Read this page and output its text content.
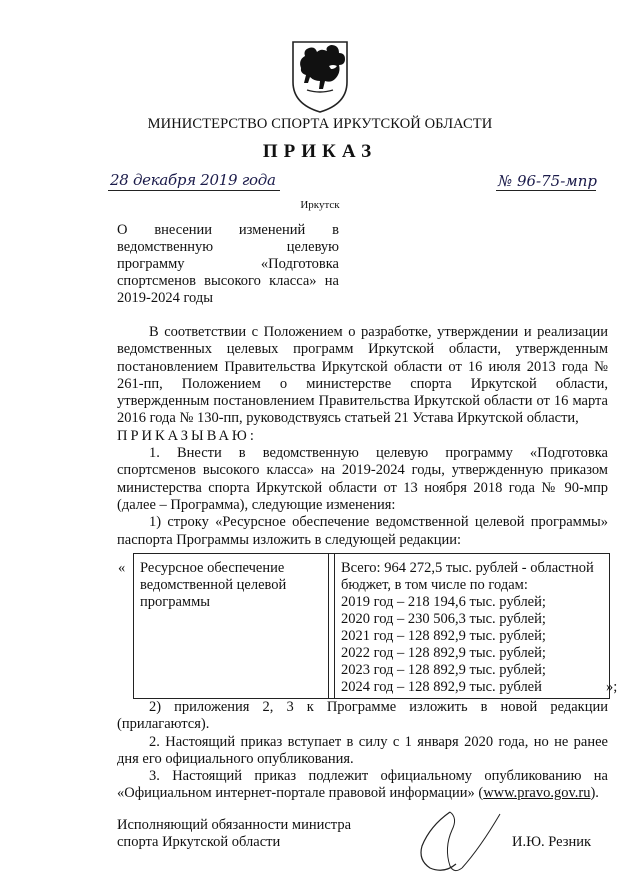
МИНИСТЕРСТВО СПОРТА ИРКУТСКОЙ ОБЛАСТИ
ПРИКАЗ
28 декабря 2019 года	№ 96-75-мпр
Иркутск
О внесении изменений в ведомственную целевую программу «Подготовка спортсменов высокого класса» на 2019-2024 годы

В соответствии с Положением о разработке, утверждении и реализации ведомственных целевых программ Иркутской области, утвержденным постановлением Правительства Иркутской области от 16 июля 2013 года № 261-пп, Положением о министерстве спорта Иркутской области, утвержденным постановлением Правительства Иркутской области от 16 марта 2016 года № 130-пп, руководствуясь статьей 21 Устава Иркутской области,

ПРИКАЗЫВАЮ:

1. Внести в ведомственную целевую программу «Подготовка спортсменов высокого класса» на 2019-2024 годы, утвержденную приказом министерства спорта Иркутской области от 13 ноября 2018 года № 90-мпр (далее – Программа), следующие изменения:

1) строку «Ресурсное обеспечение ведомственной целевой программы» паспорта Программы изложить в следующей редакции:

«	Ресурсное обеспечение ведомственной целевой программы
Всего: 964 272,5 тыс. рублей - областной бюджет, в том числе по годам:
2019 год – 218 194,6 тыс. рублей;
2020 год – 230 506,3 тыс. рублей;
2021 год – 128 892,9 тыс. рублей;
2022 год – 128 892,9 тыс. рублей;
2023 год – 128 892,9 тыс. рублей;
2024 год – 128 892,9 тыс. рублей	»;

2) приложения 2, 3 к Программе изложить в новой редакции (прилагаются).

2. Настоящий приказ вступает в силу с 1 января 2020 года, но не ранее дня его официального опубликования.

3. Настоящий приказ подлежит официальному опубликованию на «Официальном интернет-портале правовой информации» (www.pravo.gov.ru).

Исполняющий обязанности министра спорта Иркутской области	И.Ю. Резник
